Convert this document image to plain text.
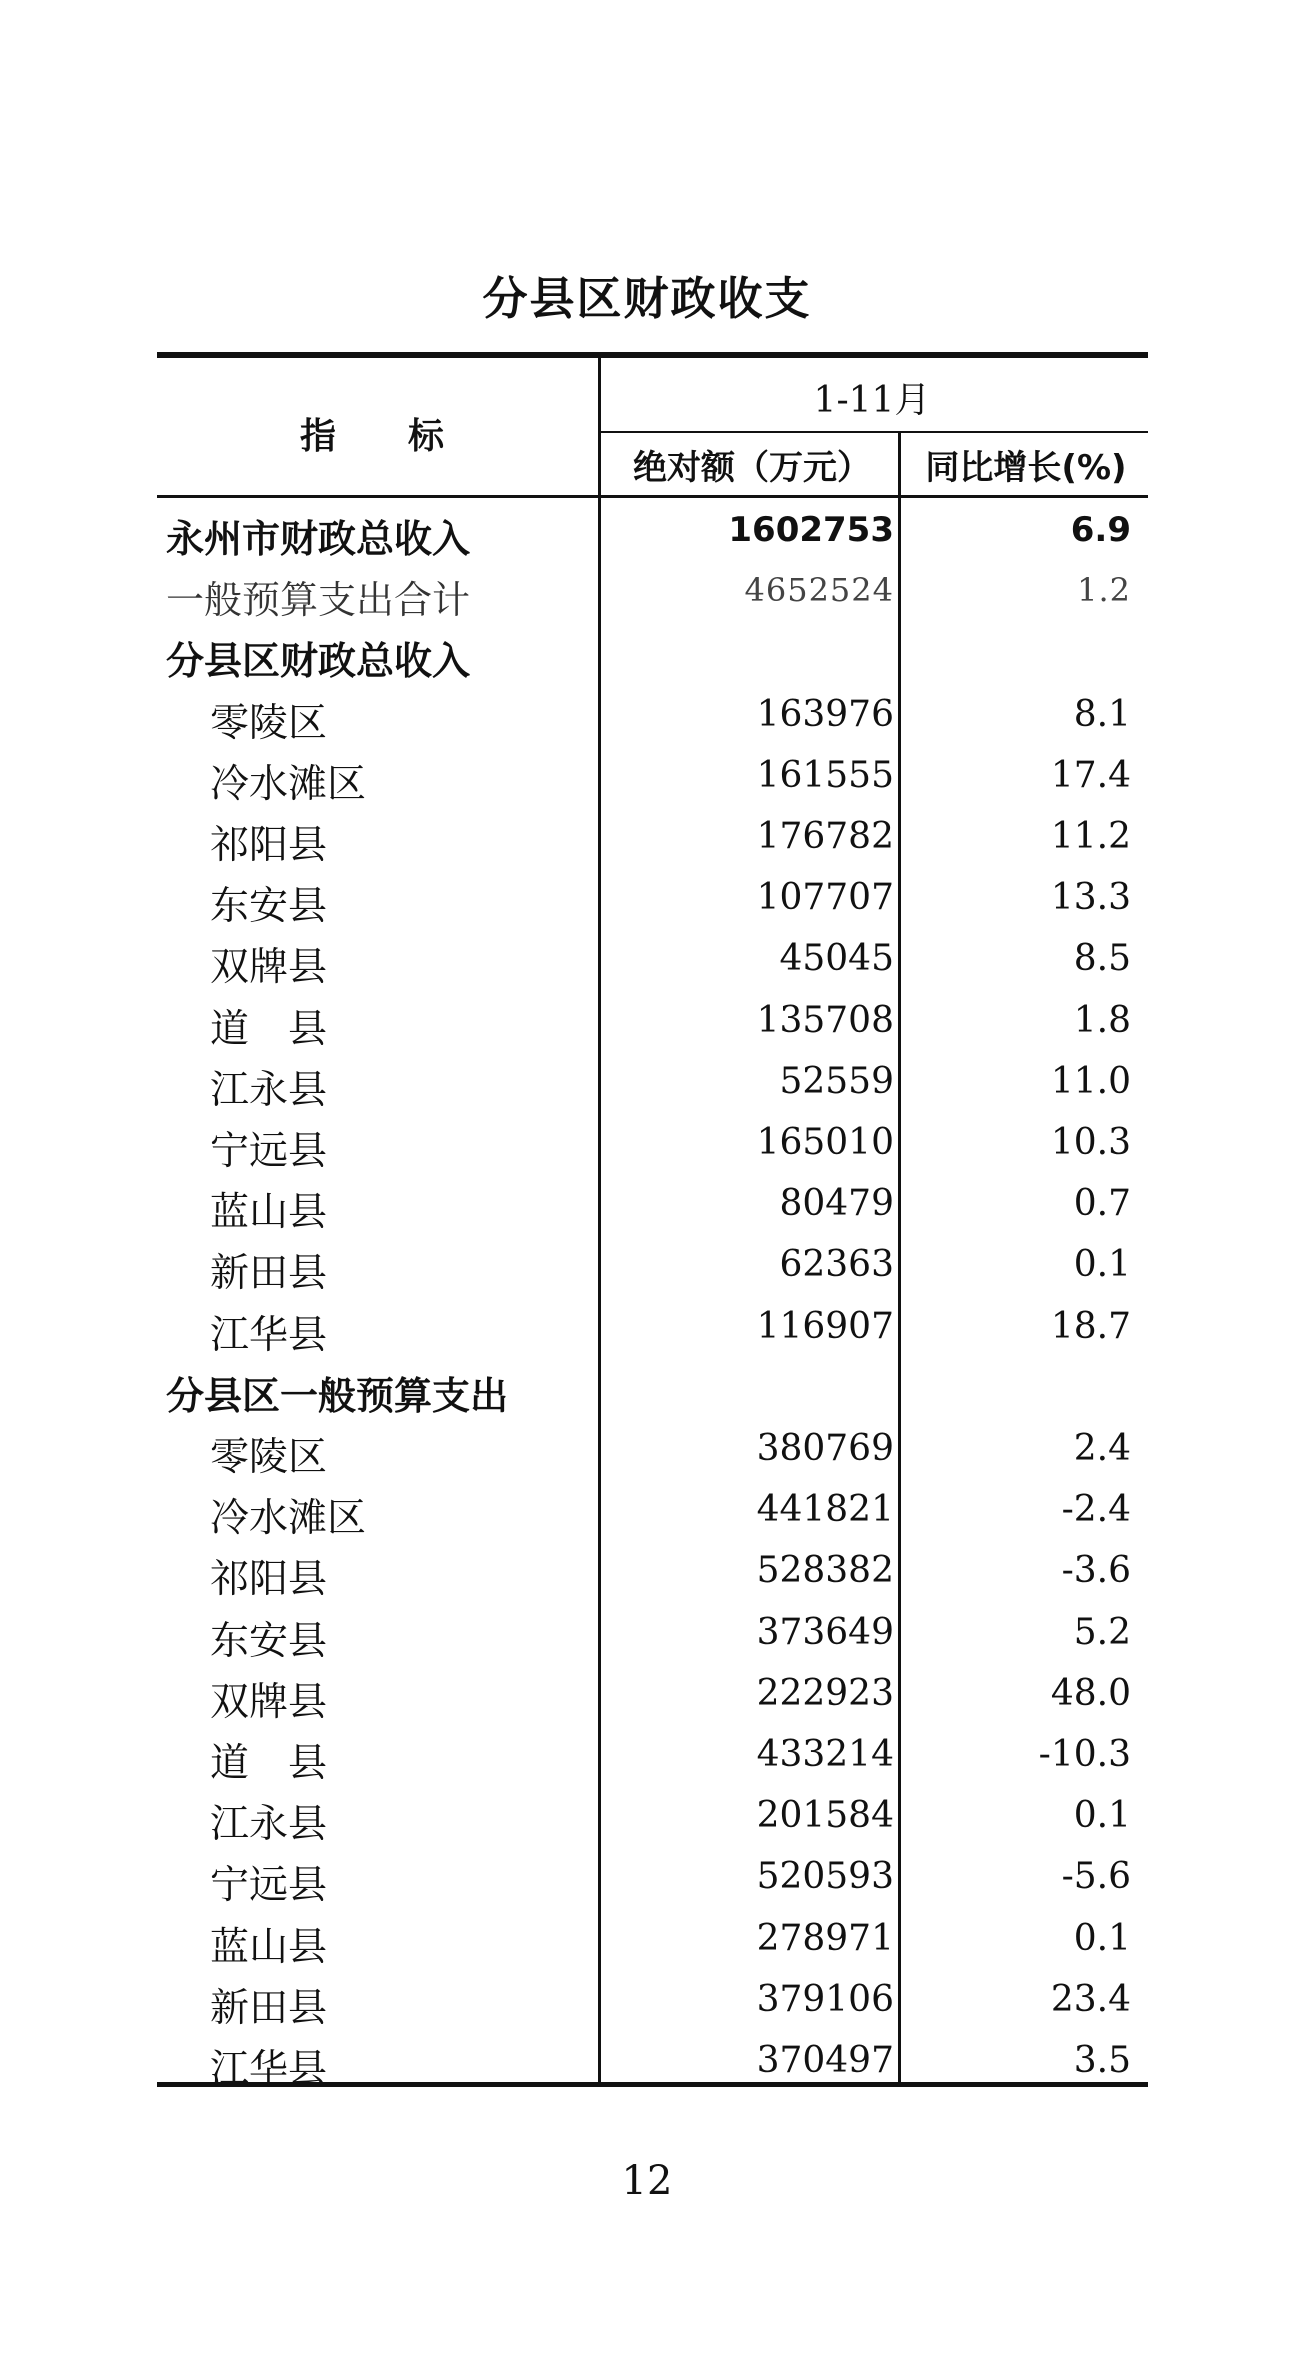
分县区财政收支
指　　标
1-11月
绝对额（万元）	同比增长(%)
永州市财政总收入	1602753	6.9
一般预算支出合计	4652524	1.2
分县区财政总收入
零陵区	163976	8.1
冷水滩区	161555	17.4
祁阳县	176782	11.2
东安县	107707	13.3
双牌县	45045	8.5
道　县	135708	1.8
江永县	52559	11.0
宁远县	165010	10.3
蓝山县	80479	0.7
新田县	62363	0.1
江华县	116907	18.7
分县区一般预算支出
零陵区	380769	2.4
冷水滩区	441821	-2.4
祁阳县	528382	-3.6
东安县	373649	5.2
双牌县	222923	48.0
道　县	433214	-10.3
江永县	201584	0.1
宁远县	520593	-5.6
蓝山县	278971	0.1
新田县	379106	23.4
江华县	370497	3.5
12
